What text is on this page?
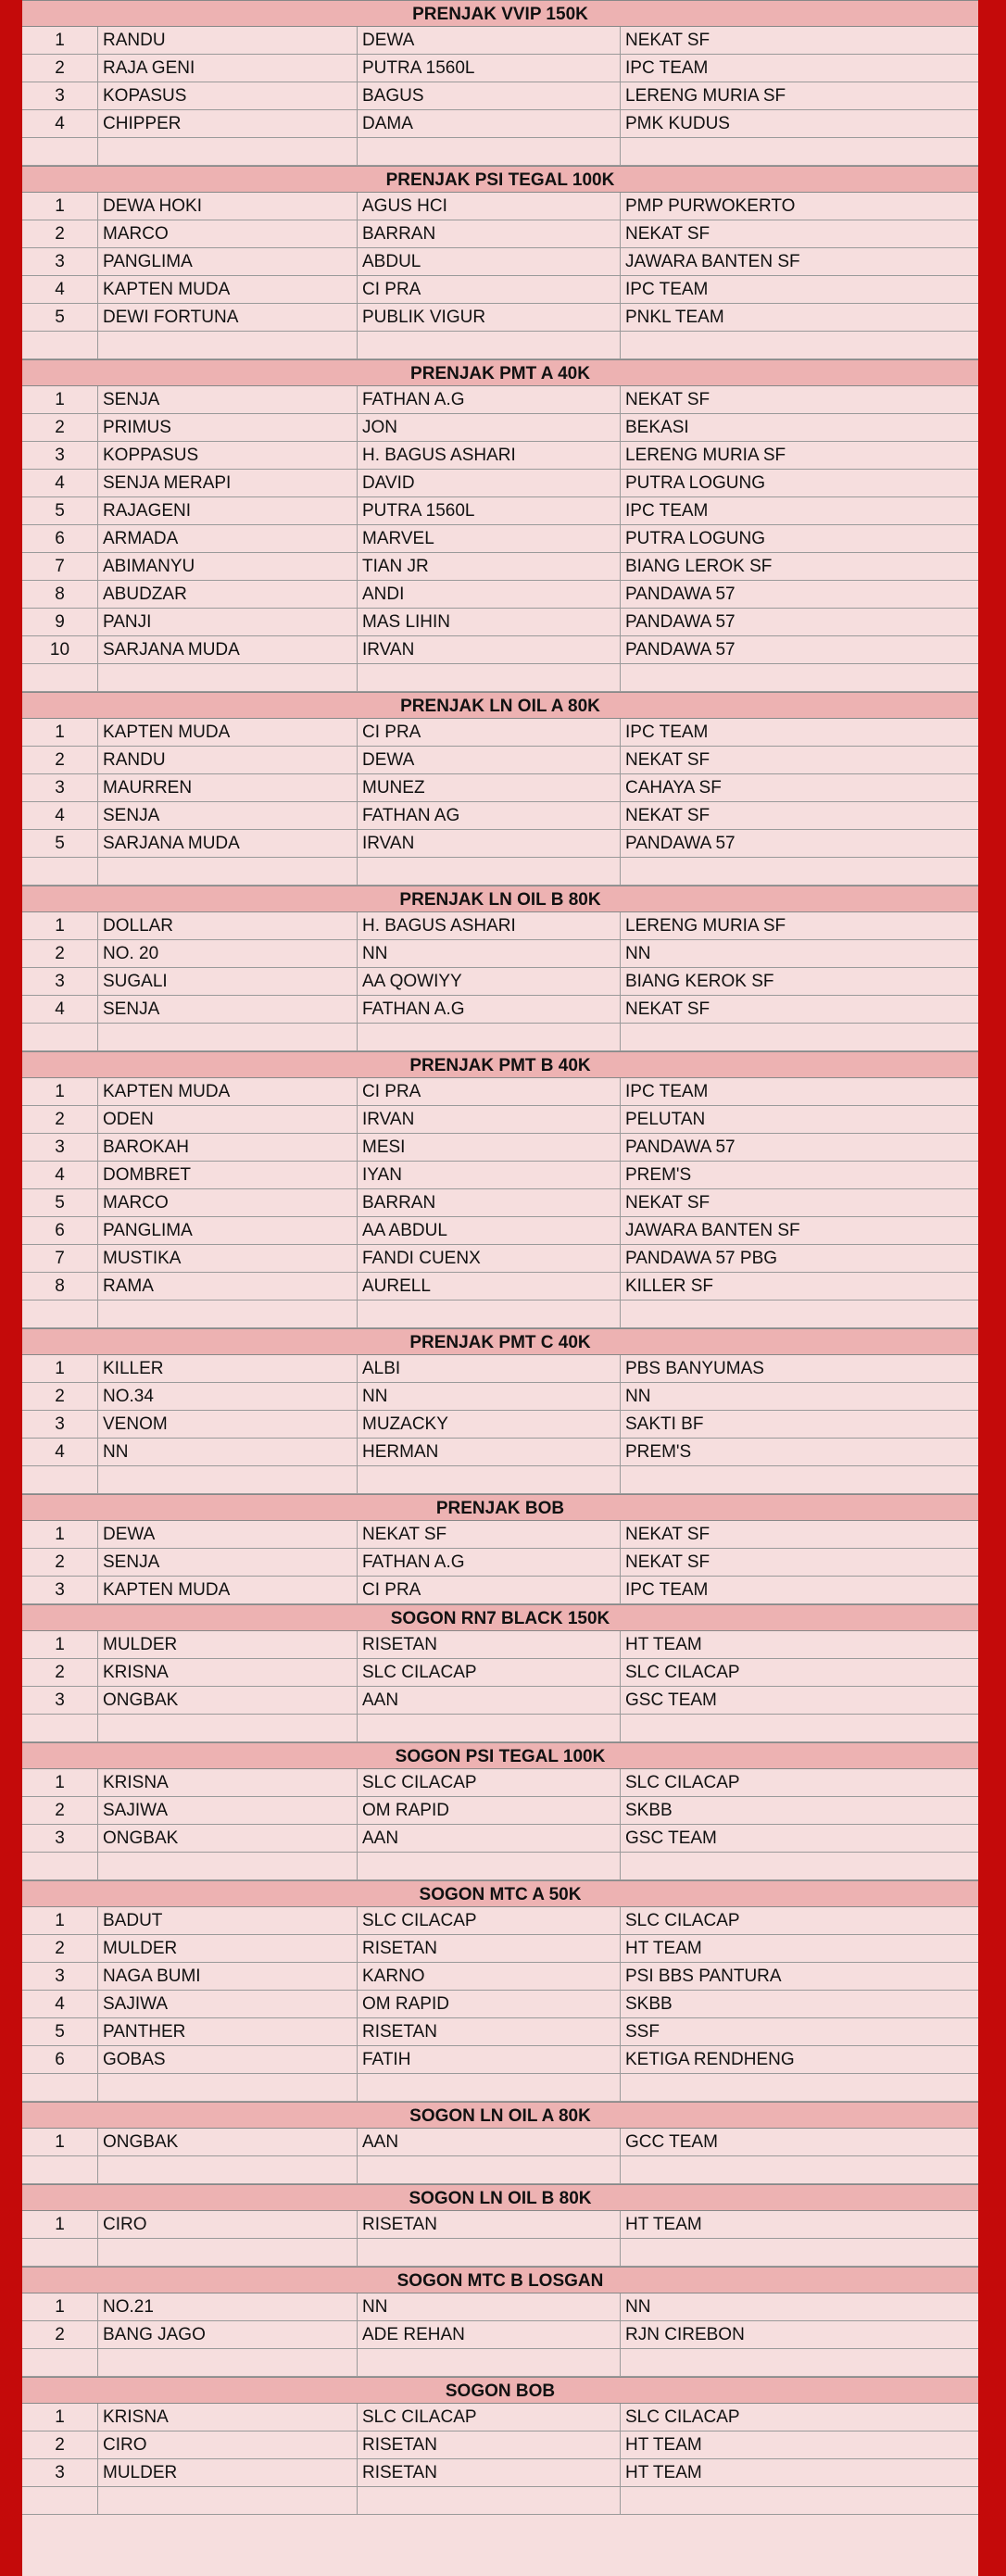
PRENJAK VVIP 150K
1	RANDU	DEWA	NEKAT SF
2	RAJA GENI	PUTRA 1560L	IPC TEAM
3	KOPASUS	BAGUS	LERENG MURIA SF
4	CHIPPER	DAMA	PMK KUDUS
PRENJAK PSI TEGAL 100K
1	DEWA HOKI	AGUS HCI	PMP PURWOKERTO
2	MARCO	BARRAN	NEKAT SF
3	PANGLIMA	ABDUL	JAWARA BANTEN SF
4	KAPTEN MUDA	CI PRA	IPC TEAM
5	DEWI FORTUNA	PUBLIK VIGUR	PNKL TEAM
PRENJAK PMT A 40K
1	SENJA	FATHAN A.G	NEKAT SF
2	PRIMUS	JON	BEKASI
3	KOPPASUS	H. BAGUS ASHARI	LERENG MURIA SF
4	SENJA MERAPI	DAVID	PUTRA LOGUNG
5	RAJAGENI	PUTRA 1560L	IPC TEAM
6	ARMADA	MARVEL	PUTRA LOGUNG
7	ABIMANYU	TIAN JR	BIANG LEROK SF
8	ABUDZAR	ANDI	PANDAWA 57
9	PANJI	MAS LIHIN	PANDAWA 57
10	SARJANA MUDA	IRVAN	PANDAWA 57
PRENJAK LN OIL A 80K
1	KAPTEN MUDA	CI PRA	IPC TEAM
2	RANDU	DEWA	NEKAT SF
3	MAURREN	MUNEZ	CAHAYA SF
4	SENJA	FATHAN AG	NEKAT SF
5	SARJANA MUDA	IRVAN	PANDAWA 57
PRENJAK LN OIL B 80K
1	DOLLAR	H. BAGUS ASHARI	LERENG MURIA SF
2	NO. 20	NN	NN
3	SUGALI	AA QOWIYY	BIANG KEROK SF
4	SENJA	FATHAN A.G	NEKAT SF
PRENJAK PMT B 40K
1	KAPTEN MUDA	CI PRA	IPC TEAM
2	ODEN	IRVAN	PELUTAN
3	BAROKAH	MESI	PANDAWA 57
4	DOMBRET	IYAN	PREM'S
5	MARCO	BARRAN	NEKAT SF
6	PANGLIMA	AA ABDUL	JAWARA BANTEN SF
7	MUSTIKA	FANDI CUENX	PANDAWA 57 PBG
8	RAMA	AURELL	KILLER SF
PRENJAK PMT C 40K
1	KILLER	ALBI	PBS BANYUMAS
2	NO.34	NN	NN
3	VENOM	MUZACKY	SAKTI BF
4	NN	HERMAN	PREM'S
PRENJAK BOB
1	DEWA	NEKAT SF	NEKAT SF
2	SENJA	FATHAN A.G	NEKAT SF
3	KAPTEN MUDA	CI PRA	IPC TEAM
SOGON RN7 BLACK 150K
1	MULDER	RISETAN	HT TEAM
2	KRISNA	SLC CILACAP	SLC CILACAP
3	ONGBAK	AAN	GSC TEAM
SOGON PSI TEGAL 100K
1	KRISNA	SLC CILACAP	SLC CILACAP
2	SAJIWA	OM RAPID	SKBB
3	ONGBAK	AAN	GSC TEAM
SOGON MTC A 50K
1	BADUT	SLC CILACAP	SLC CILACAP
2	MULDER	RISETAN	HT TEAM
3	NAGA BUMI	KARNO	PSI BBS PANTURA
4	SAJIWA	OM RAPID	SKBB
5	PANTHER	RISETAN	SSF
6	GOBAS	FATIH	KETIGA RENDHENG
SOGON LN OIL A 80K
1	ONGBAK	AAN	GCC TEAM
SOGON LN OIL B 80K
1	CIRO	RISETAN	HT TEAM
SOGON MTC B LOSGAN
1	NO.21	NN	NN
2	BANG JAGO	ADE REHAN	RJN CIREBON
SOGON BOB
1	KRISNA	SLC CILACAP	SLC CILACAP
2	CIRO	RISETAN	HT TEAM
3	MULDER	RISETAN	HT TEAM
